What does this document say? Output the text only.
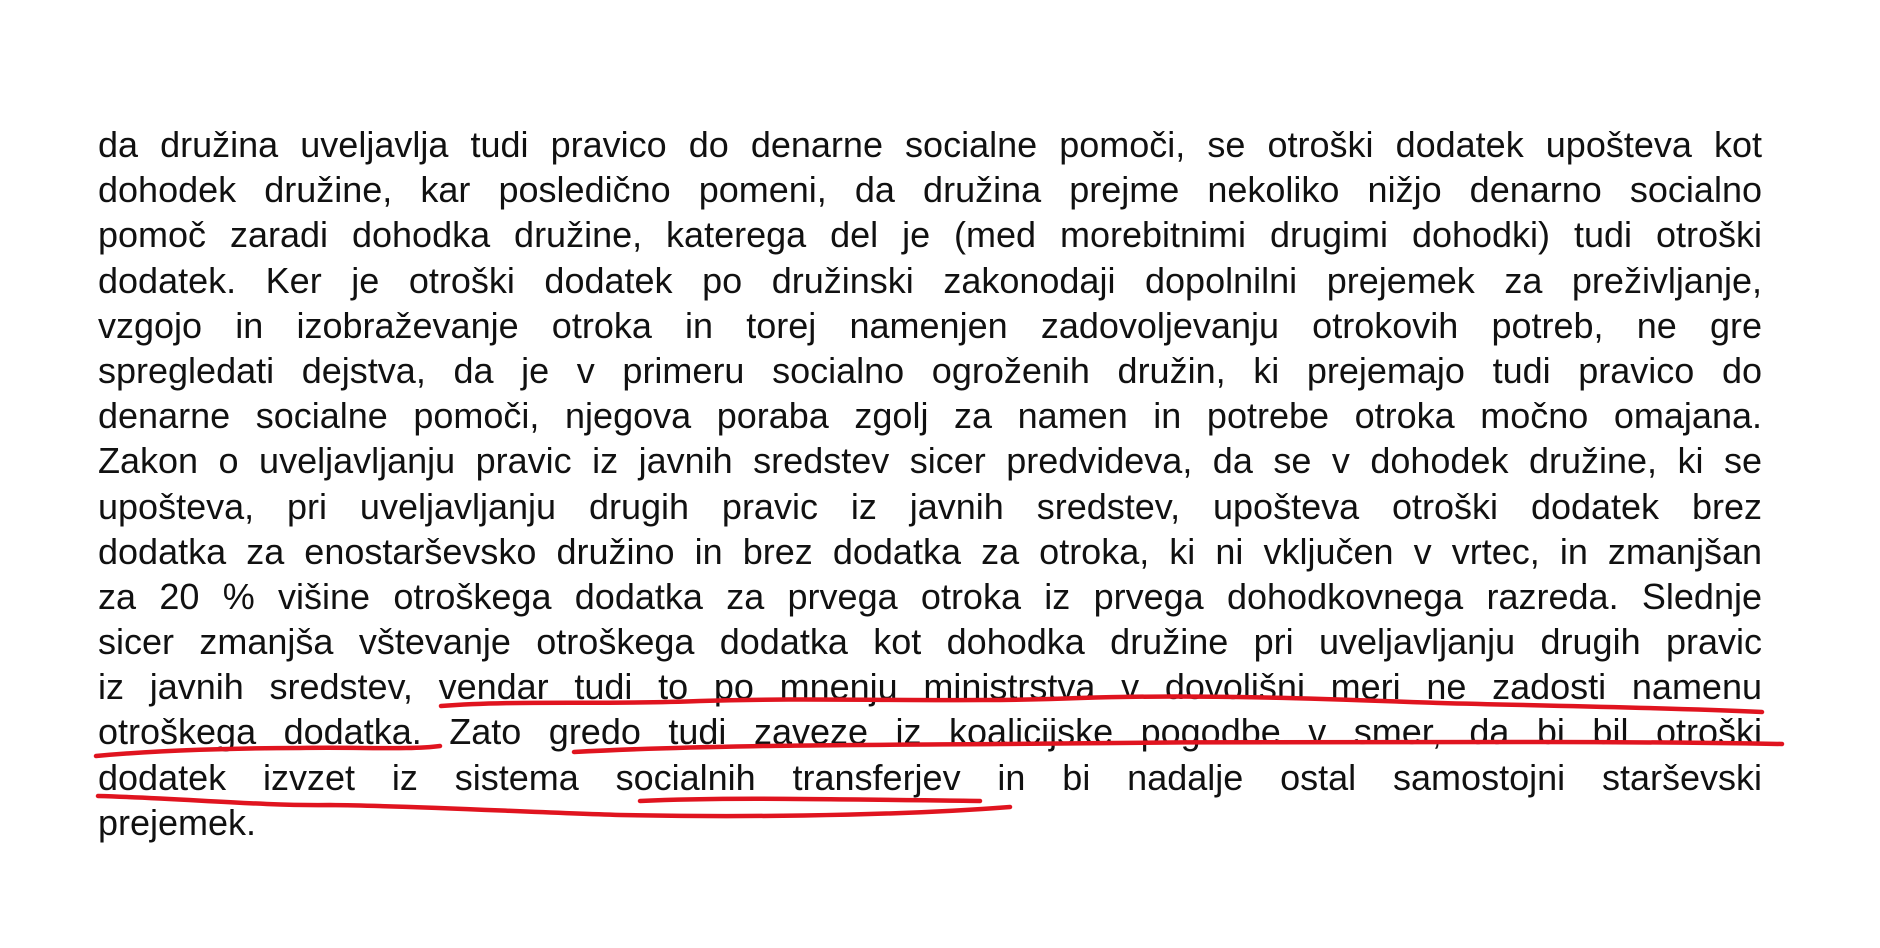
da družina uveljavlja tudi pravico do denarne socialne pomoči, se otroški dodatek upošteva kot
dohodek družine, kar posledično pomeni, da družina prejme nekoliko nižjo denarno socialno
pomoč zaradi dohodka družine, katerega del je (med morebitnimi drugimi dohodki) tudi otroški
dodatek. Ker je otroški dodatek po družinski zakonodaji dopolnilni prejemek za preživljanje,
vzgojo in izobraževanje otroka in torej namenjen zadovoljevanju otrokovih potreb, ne gre
spregledati dejstva, da je v primeru socialno ogroženih družin, ki prejemajo tudi pravico do
denarne socialne pomoči, njegova poraba zgolj za namen in potrebe otroka močno omajana.
Zakon o uveljavljanju pravic iz javnih sredstev sicer predvideva, da se v dohodek družine, ki se
upošteva, pri uveljavljanju drugih pravic iz javnih sredstev, upošteva otroški dodatek brez
dodatka za enostarševsko družino in brez dodatka za otroka, ki ni vključen v vrtec, in zmanjšan
za 20 % višine otroškega dodatka za prvega otroka iz prvega dohodkovnega razreda. Slednje
sicer zmanjša vštevanje otroškega dodatka kot dohodka družine pri uveljavljanju drugih pravic
iz javnih sredstev, vendar tudi to po mnenju ministrstva v dovolišni meri ne zadosti namenu
otroškega dodatka. Zato gredo tudi zaveze iz koalicijske pogodbe v smer, da bi bil otroški
dodatek izvzet iz sistema socialnih transferjev in bi nadalje ostal samostojni starševski
prejemek.
